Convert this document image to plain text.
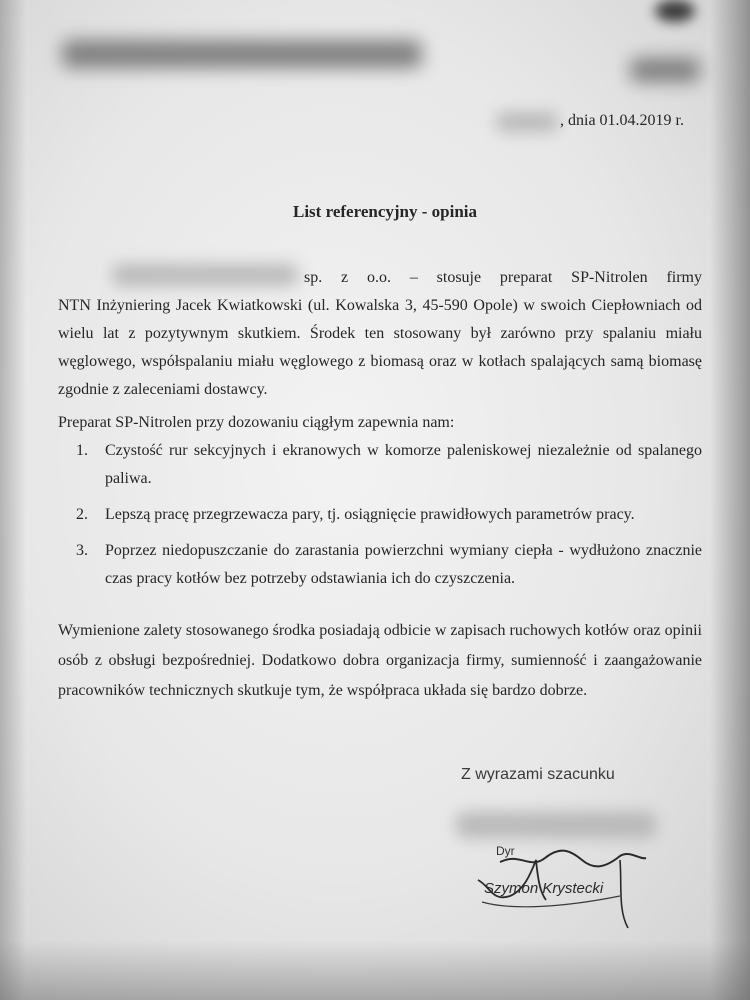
, dnia 01.04.2019 r.
List referencyjny - opinia
sp. z o.o. – stosuje preparat SP-Nitrolen firmy
NTN Inżyniering Jacek Kwiatkowski (ul. Kowalska 3, 45-590 Opole) w swoich Ciepłowniach od wielu lat z pozytywnym skutkiem. Środek ten stosowany był zarówno przy spalaniu miału węglowego, współspalaniu miału węglowego z biomasą oraz w kotłach spalających samą biomasę zgodnie z zaleceniami dostawcy.
Preparat SP-Nitrolen przy dozowaniu ciągłym zapewnia nam:
1. Czystość rur sekcyjnych i ekranowych w komorze paleniskowej niezależnie od spalanego paliwa.
2. Lepszą pracę przegrzewacza pary, tj. osiągnięcie prawidłowych parametrów pracy.
3. Poprzez niedopuszczanie do zarastania powierzchni wymiany ciepła - wydłużono znacznie czas pracy kotłów bez potrzeby odstawiania ich do czyszczenia.
Wymienione zalety stosowanego środka posiadają odbicie w zapisach ruchowych kotłów oraz opinii osób z obsługi bezpośredniej. Dodatkowo dobra organizacja firmy, sumienność i zaangażowanie pracowników technicznych skutkuje tym, że współpraca układa się bardzo dobrze.
Z wyrazami szacunku
Dyr
Szymon Krystecki
